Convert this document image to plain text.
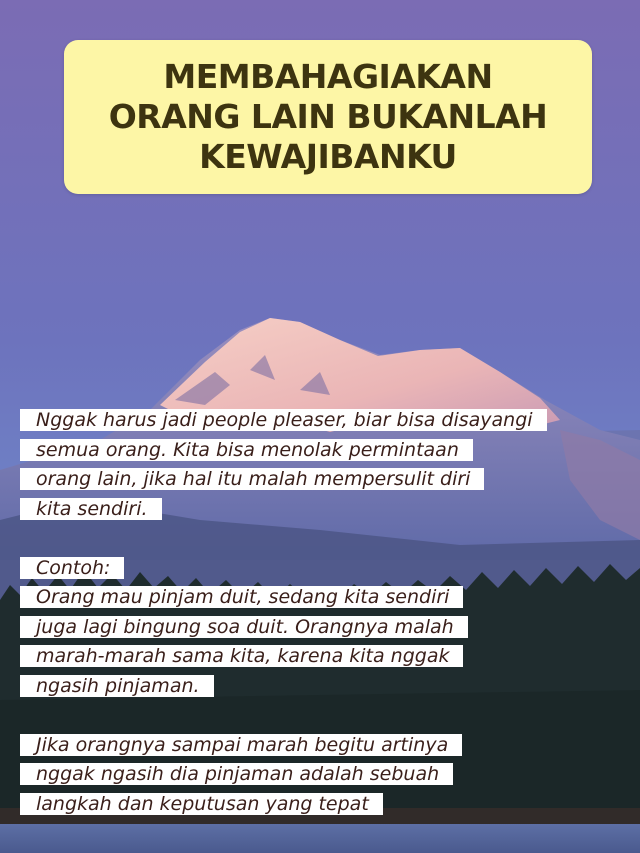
MEMBAHAGIAKAN
ORANG LAIN BUKANLAH
KEWAJIBANKU
Nggak harus jadi people pleaser, biar bisa disayangi
semua orang. Kita bisa menolak permintaan
orang lain, jika hal itu malah mempersulit diri
kita sendiri.
Contoh:
Orang mau pinjam duit, sedang kita sendiri
juga lagi bingung soa duit. Orangnya malah
marah-marah sama kita, karena kita nggak
ngasih pinjaman.
Jika orangnya sampai marah begitu artinya
nggak ngasih dia pinjaman adalah sebuah
langkah dan keputusan yang tepat
